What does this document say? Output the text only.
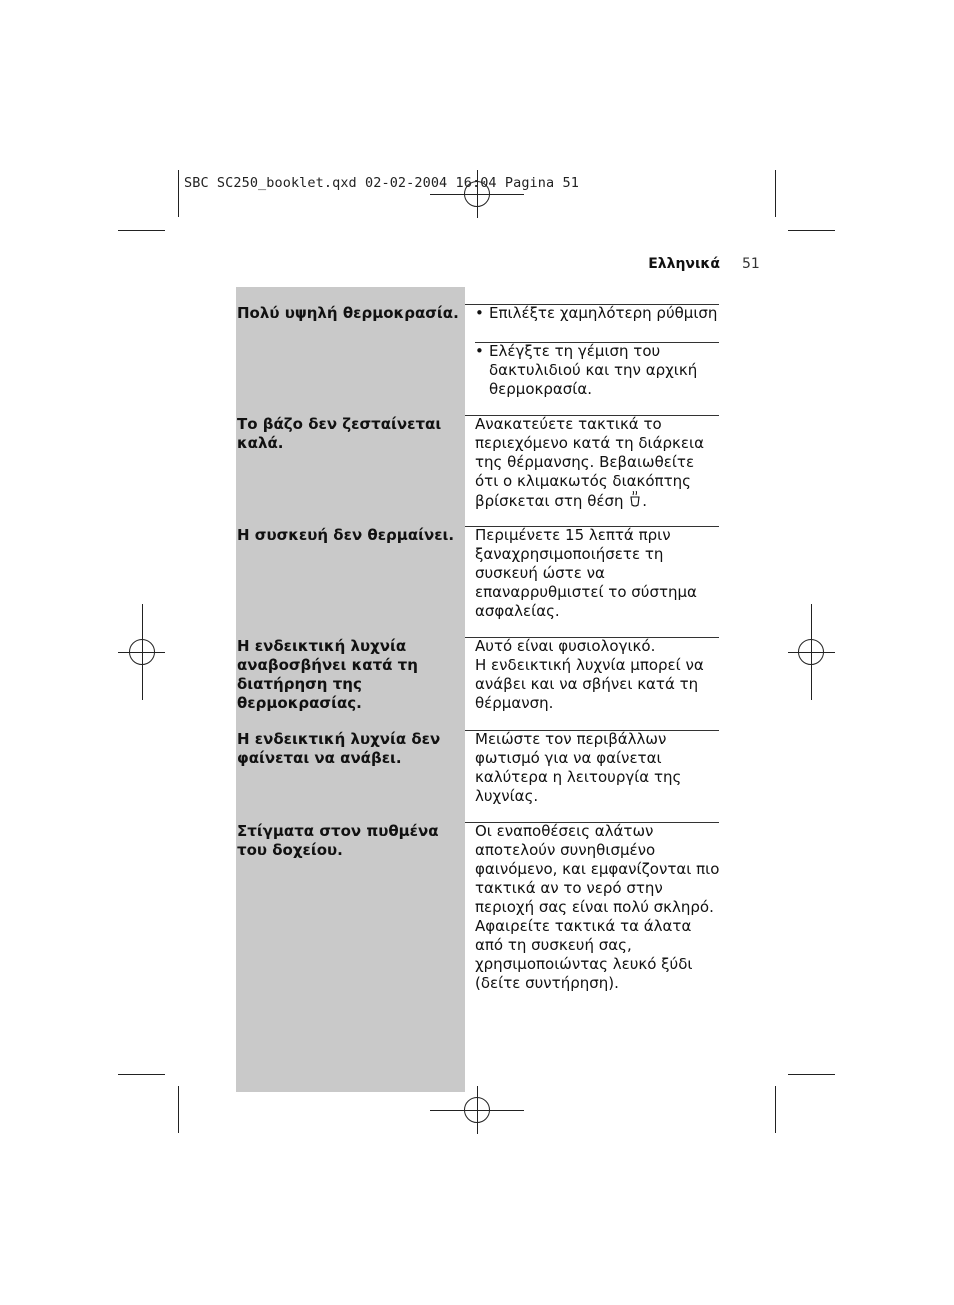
SBC SC250_booklet.qxd 02-02-2004 16:04 Pagina 51
Ελληνικά 51
Πολύ υψηλή θερμοκρασία.	• Επιλέξτε χαμηλότερη ρύθμιση
• Ελέγξτε τη γέμιση του δακτυλιδιού και την αρχική θερμοκρασία.
Το βάζο δεν ζεσταίνεται καλά.
Ανακατεύετε τακτικά το περιεχόμενο κατά τη διάρκεια της θέρμανσης. Βεβαιωθείτε ότι ο κλιμακωτός διακόπτης βρίσκεται στη θέση .
Η συσκευή δεν θερμαίνει.	Περιμένετε 15 λεπτά πριν ξαναχρησιμοποιήσετε τη συσκευή ώστε να επαναρρυθμιστεί το σύστημα ασφαλείας.
Η ενδεικτική λυχνία αναβοσβήνει κατά τη διατήρηση της θερμοκρασίας.
Αυτό είναι φυσιολογικό.
Η ενδεικτική λυχνία μπορεί να ανάβει και να σβήνει κατά τη θέρμανση.
Η ενδεικτική λυχνία δεν φαίνεται να ανάβει.
Μειώστε τον περιβάλλων φωτισμό για να φαίνεται καλύτερα η λειτουργία της λυχνίας.
Στίγματα στον πυθμένα του δοχείου.
Οι εναποθέσεις αλάτων αποτελούν συνηθισμένο φαινόμενο, και εμφανίζονται πιο τακτικά αν το νερό στην περιοχή σας είναι πολύ σκληρό. Αφαιρείτε τακτικά τα άλατα από τη συσκευή σας, χρησιμοποιώντας λευκό ξύδι (δείτε συντήρηση).
